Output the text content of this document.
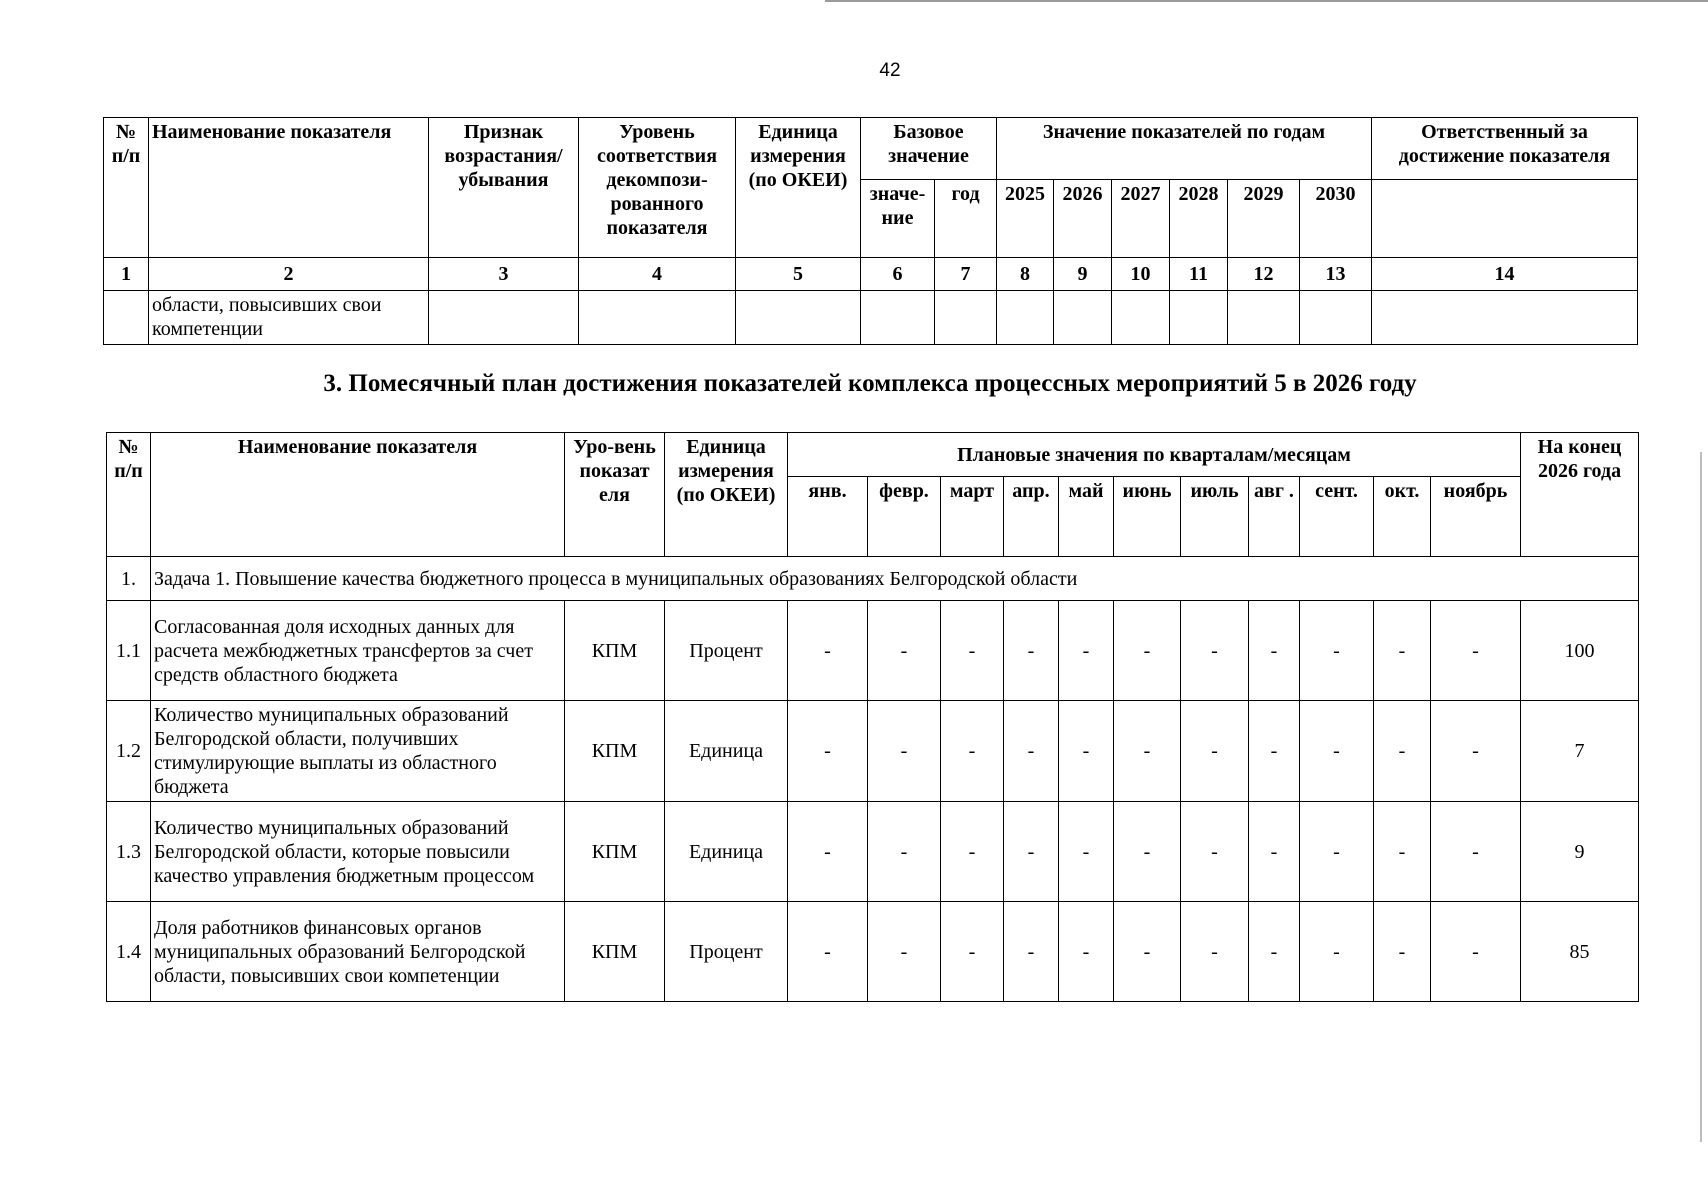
42
№ п/п	Наименование показателя	Признак возрастания/ убывания	Уровень соответствия декомпози-рованного показателя	Единица измерения (по ОКЕИ)	Базовое значение		Значение показателей по годам						Ответственный за достижение показателя
					значе-ние	год	2025	2026	2027	2028	2029	2030	
1	2	3	4	5	6	7	8	9	10	11	12	13	14
	области, повысивших свои компетенции												
3. Помесячный план достижения показателей комплекса процессных мероприятий 5 в 2026 году
№ п/п	Наименование показателя	Уро-вень показат еля	Единица измерения (по ОКЕИ)	Плановые значения по кварталам/месяцам											На конец 2026 года
				янв.	февр.	март	апр.	май	июнь	июль	авг .	сент.	окт.	ноябрь	
1.	Задача 1. Повышение качества бюджетного процесса в муниципальных образованиях Белгородской области														
1.1	Согласованная доля исходных данных для расчета межбюджетных трансфертов за счет средств областного бюджета	КПМ	Процент	-	-	-	-	-	-	-	-	-	-	-	100
1.2	Количество муниципальных образований Белгородской области, получивших стимулирующие выплаты из областного бюджета	КПМ	Единица	-	-	-	-	-	-	-	-	-	-	-	7
1.3	Количество муниципальных образований Белгородской области, которые повысили качество управления бюджетным процессом	КПМ	Единица	-	-	-	-	-	-	-	-	-	-	-	9
1.4	Доля работников финансовых органов муниципальных образований Белгородской области, повысивших свои компетенции	КПМ	Процент	-	-	-	-	-	-	-	-	-	-	-	85
